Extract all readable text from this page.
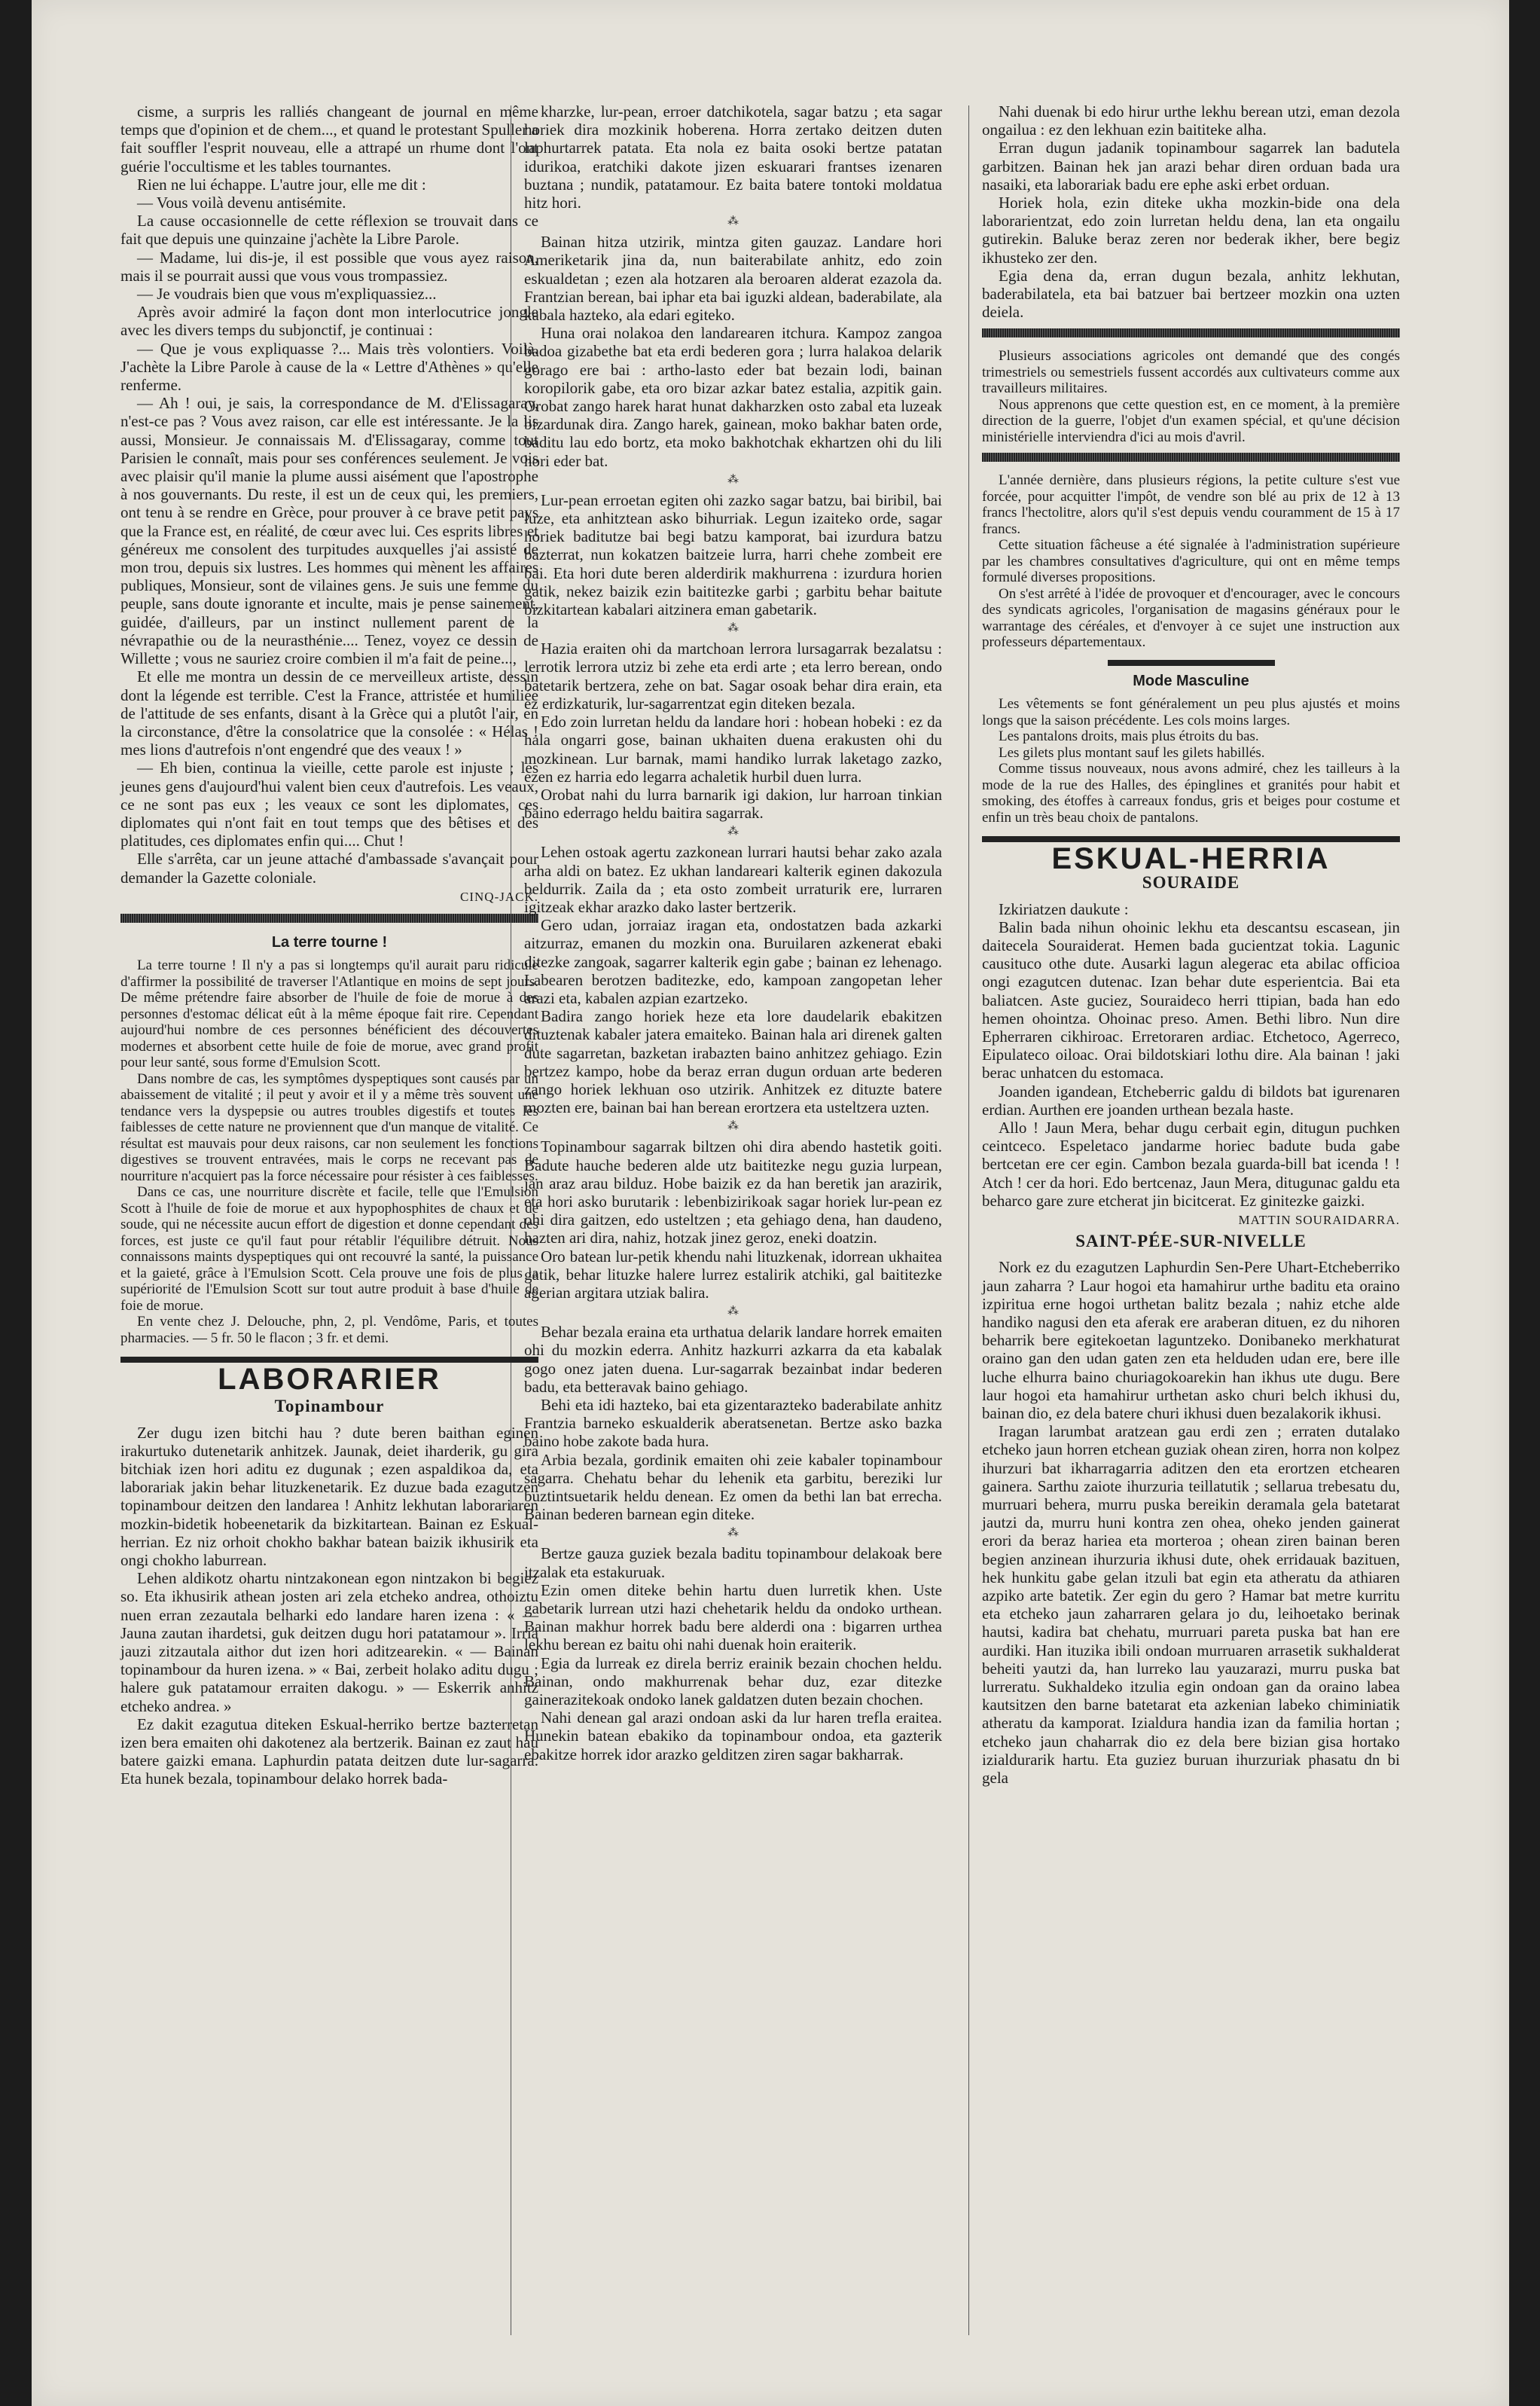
cisme, a surpris les ralliés changeant de journal en même temps que d'opinion et de chem..., et quand le protestant Spuller a fait souffler l'esprit nouveau, elle a attrapé un rhume dont l'ont guérie l'occultisme et les tables tournantes.

Rien ne lui échappe. L'autre jour, elle me dit :

— Vous voilà devenu antisémite.

La cause occasionnelle de cette réflexion se trouvait dans ce fait que depuis une quinzaine j'achète la Libre Parole.

— Madame, lui dis-je, il est possible que vous ayez raison, mais il se pourrait aussi que vous vous trompassiez.

— Je voudrais bien que vous m'expliquassiez...

Après avoir admiré la façon dont mon interlocutrice jongle avec les divers temps du subjonctif, je continuai :

— Que je vous expliquasse ?... Mais très volontiers. Voilà. J'achète la Libre Parole à cause de la « Lettre d'Athènes » qu'elle renferme.

— Ah ! oui, je sais, la correspondance de M. d'Elissagaray, n'est-ce pas ? Vous avez raison, car elle est intéressante. Je la lis aussi, Monsieur. Je connaissais M. d'Elissagaray, comme tout Parisien le connaît, mais pour ses conférences seulement. Je vois avec plaisir qu'il manie la plume aussi aisément que l'apostrophe à nos gouvernants. Du reste, il est un de ceux qui, les premiers, ont tenu à se rendre en Grèce, pour prouver à ce brave petit pays que la France est, en réalité, de cœur avec lui. Ces esprits libres et généreux me consolent des turpitudes auxquelles j'ai assisté de mon trou, depuis six lustres. Les hommes qui mènent les affaires publiques, Monsieur, sont de vilaines gens. Je suis une femme du peuple, sans doute ignorante et inculte, mais je pense sainement, guidée, d'ailleurs, par un instinct nullement parent de la névrapathie ou de la neurasthénie.... Tenez, voyez ce dessin de Willette ; vous ne sauriez croire combien il m'a fait de peine...,

Et elle me montra un dessin de ce merveilleux artiste, dessin dont la légende est terrible. C'est la France, attristée et humiliée de l'attitude de ses enfants, disant à la Grèce qui a plutôt l'air, en la circonstance, d'être la consolatrice que la consolée : « Hélas ! mes lions d'autrefois n'ont engendré que des veaux ! »

— Eh bien, continua la vieille, cette parole est injuste ; les jeunes gens d'aujourd'hui valent bien ceux d'autrefois. Les veaux, ce ne sont pas eux ; les veaux ce sont les diplomates, ces diplomates qui n'ont fait en tout temps que des bêtises et des platitudes, ces diplomates enfin qui.... Chut !

Elle s'arrêta, car un jeune attaché d'ambassade s'avançait pour demander la Gazette coloniale.

CINQ-JACK.
La terre tourne !

La terre tourne ! Il n'y a pas si longtemps qu'il aurait paru ridicule d'affirmer la possibilité de traverser l'Atlantique en moins de sept jours. De même prétendre faire absorber de l'huile de foie de morue à des personnes d'estomac délicat eût à la même époque fait rire. Cependant aujourd'hui nombre de ces personnes bénéficient des découvertes modernes et absorbent cette huile de foie de morue, avec grand profit pour leur santé, sous forme d'Emulsion Scott.

Dans nombre de cas, les symptômes dyspeptiques sont causés par un abaissement de vitalité ; il peut y avoir et il y a même très souvent une tendance vers la dyspepsie ou autres troubles digestifs et toutes les faiblesses de cette nature ne proviennent que d'un manque de vitalité. Ce résultat est mauvais pour deux raisons, car non seulement les fonctions digestives se trouvent entravées, mais le corps ne recevant pas de nourriture n'acquiert pas la force nécessaire pour résister à ces faiblesses.

Dans ce cas, une nourriture discrète et facile, telle que l'Emulsion Scott à l'huile de foie de morue et aux hypophosphites de chaux et de soude, qui ne nécessite aucun effort de digestion et donne cependant des forces, est juste ce qu'il faut pour rétablir l'équilibre détruit. Nous connaissons maints dyspeptiques qui ont recouvré la santé, la puissance et la gaieté, grâce à l'Emulsion Scott. Cela prouve une fois de plus la supériorité de l'Emulsion Scott sur tout autre produit à base d'huile de foie de morue.

En vente chez J. Delouche, phn, 2, pl. Vendôme, Paris, et toutes pharmacies. — 5 fr. 50 le flacon ; 3 fr. et demi.

LABORARIER
Topinambour

Zer dugu izen bitchi hau ? dute beren baithan eginen irakurtuko dutenetarik anhitzek. Jaunak, deiet iharderik, gu gira bitchiak izen hori aditu ez dugunak ; ezen aspaldikoa da, eta laborariak jakin behar lituzkenetarik. Ez duzue bada ezagutzen topinambour deitzen den landarea ! Anhitz lekhutan laborariaren mozkin-bidetik hobeenetarik da bizkitartean. Bainan ez Eskual-herrian. Ez niz orhoit chokho bakhar batean baizik ikhusirik eta ongi chokho laburrean.

Lehen aldikotz ohartu nintzakonean egon nintzakon bi begiez so. Eta ikhusirik athean josten ari zela etcheko andrea, othoiztu nuen erran zezautala belharki edo landare haren izena : « — Jauna zautan ihardetsi, guk deitzen dugu hori patatamour ». Irria jauzi zitzautala aithor dut izen hori aditzearekin. « — Bainan topinambour da huren izena. » « Bai, zerbeit holako aditu dugu ; halere guk patatamour erraiten dakogu. » — Eskerrik anhitz etcheko andrea. »

Ez dakit ezagutua diteken Eskual-herriko bertze bazterretan izen bera emaiten ohi dakotenez ala bertzerik. Bainan ez zaut hau batere gaizki emana. Laphurdin patata deitzen dute lur-sagarra. Eta hunek bezala, topinambour delako horrek bada-

kharzke, lur-pean, erroer datchikotela, sagar batzu ; eta sagar horiek dira mozkinik hoberena. Horra zertako deitzen duten laphurtarrek patata. Eta nola ez baita osoki bertze patatan idurikoa, eratchiki dakote jizen eskuarari frantses izenaren buztana ; nundik, patatamour. Ez baita batere tontoki moldatua hitz hori.

⁂

Bainan hitza utzirik, mintza giten gauzaz. Landare hori Ameriketarik jina da, nun baiterabilate anhitz, edo zoin eskualdetan ; ezen ala hotzaren ala beroaren alderat ezazola da. Frantzian berean, bai iphar eta bai iguzki aldean, baderabilate, ala kabala hazteko, ala edari egiteko.

Huna orai nolakoa den landarearen itchura. Kampoz zangoa badoa gizabethe bat eta erdi bederen gora ; lurra halakoa delarik gorago ere bai : artho-lasto eder bat bezain lodi, bainan koropilorik gabe, eta oro bizar azkar batez estalia, azpitik gain. Orobat zango harek harat hunat dakharzken osto zabal eta luzeak bizardunak dira. Zango harek, gainean, moko bakhar baten orde, baditu lau edo bortz, eta moko bakhotchak ekhartzen ohi du lili hori eder bat.

⁂

Lur-pean erroetan egiten ohi zazko sagar batzu, bai biribil, bai luze, eta anhitztean asko bihurriak. Legun izaiteko orde, sagar horiek baditutze bai begi batzu kamporat, bai izurdura batzu bazterrat, nun kokatzen baitzeie lurra, harri chehe zombeit ere bai. Eta hori dute beren alderdirik makhurrena : izurdura horien gatik, nekez baizik ezin baititezke garbi ; garbitu behar baitute bizkitartean kabalari aitzinera eman gabetarik.

⁂

Hazia eraiten ohi da martchoan lerrora lursagarrak bezalatsu : lerrotik lerrora utziz bi zehe eta erdi arte ; eta lerro berean, ondo batetarik bertzera, zehe on bat. Sagar osoak behar dira erain, eta ez erdizkaturik, lur-sagarrentzat egin diteken bezala.

Edo zoin lurretan heldu da landare hori : hobean hobeki : ez da hala ongarri gose, bainan ukhaiten duena erakusten ohi du mozkinean. Lur barnak, mami handiko lurrak laketago zazko, ezen ez harria edo legarra achaletik hurbil duen lurra.

Orobat nahi du lurra barnarik igi dakion, lur harroan tinkian baino ederrago heldu baitira sagarrak.

⁂

Lehen ostoak agertu zazkonean lurrari hautsi behar zako azala arha aldi on batez. Ez ukhan landareari kalterik eginen dakozula beldurrik. Zaila da ; eta osto zombeit urraturik ere, lurraren igitzeak ekhar arazko dako laster bertzerik.

Gero udan, jorraiaz iragan eta, ondostatzen bada azkarki aitzurraz, emanen du mozkin ona. Buruilaren azkenerat ebaki ditezke zangoak, sagarrer kalterik egin gabe ; bainan ez lehenago. Labearen berotzen baditezke, edo, kampoan zangopetan leher arazi eta, kabalen azpian ezartzeko.

Badira zango horiek heze eta lore daudelarik ebakitzen dituztenak kabaler jatera emaiteko. Bainan hala ari direnek galten dute sagarretan, bazketan irabazten baino anhitzez gehiago. Ezin bertzez kampo, hobe da beraz erran dugun orduan arte bederen zango horiek lekhuan oso utzirik. Anhitzek ez dituzte batere mozten ere, bainan bai han berean erortzera eta usteltzera uzten.

⁂

Topinambour sagarrak biltzen ohi dira abendo hastetik goiti. Badute hauche bederen alde utz baititezke negu guzia lurpean, jan araz arau bilduz. Hobe baizik ez da han beretik jan arazirik, eta hori asko burutarik : lebenbizirikoak sagar horiek lur-pean ez ohi dira gaitzen, edo usteltzen ; eta gehiago dena, han daudeno, hazten ari dira, nahiz, hotzak jinez geroz, eneki doatzin.

Oro batean lur-petik khendu nahi lituzkenak, idorrean ukhaitea gatik, behar lituzke halere lurrez estalirik atchiki, gal baititezke agerian argitara utziak balira.

⁂

Behar bezala eraina eta urthatua delarik landare horrek emaiten ohi du mozkin ederra. Anhitz hazkurri azkarra da eta kabalak gogo onez jaten duena. Lur-sagarrak bezainbat indar bederen badu, eta betteravak baino gehiago.

Behi eta idi hazteko, bai eta gizentarazteko baderabilate anhitz Frantzia barneko eskualderik aberatsenetan. Bertze asko bazka baino hobe zakote bada hura.

Arbia bezala, gordinik emaiten ohi zeie kabaler topinambour sagarra. Chehatu behar du lehenik eta garbitu, bereziki lur buztintsuetarik heldu denean. Ez omen da bethi lan bat errecha. Bainan bederen barnean egin diteke.

⁂

Bertze gauza guziek bezala baditu topinambour delakoak bere itzalak eta estakuruak.

Ezin omen diteke behin hartu duen lurretik khen. Uste gabetarik lurrean utzi hazi chehetarik heldu da ondoko urthean. Bainan makhur horrek badu bere alderdi ona : bigarren urthea lekhu berean ez baitu ohi nahi duenak hoin eraiterik.

Egia da lurreak ez direla berriz erainik bezain chochen heldu. Bainan, ondo makhurrenak behar duz, ezar ditezke gainerazitekoak ondoko lanek galdatzen duten bezain chochen.

Nahi denean gal arazi ondoan aski da lur haren trefla eraitea. Hunekin batean ebakiko da topinambour ondoa, eta gazterik ebakitze horrek idor arazko gelditzen ziren sagar bakharrak.

Nahi duenak bi edo hirur urthe lekhu berean utzi, eman dezola ongailua : ez den lekhuan ezin baititeke alha.

Erran dugun jadanik topinambour sagarrek lan badutela garbitzen. Bainan hek jan arazi behar diren orduan bada ura nasaiki, eta laborariak badu ere ephe aski erbet orduan.

Horiek hola, ezin diteke ukha mozkin-bide ona dela laborarientzat, edo zoin lurretan heldu dena, lan eta ongailu gutirekin. Baluke beraz zeren nor bederak ikher, bere begiz ikhusteko zer den.

Egia dena da, erran dugun bezala, anhitz lekhutan, baderabilatela, eta bai batzuer bai bertzeer mozkin ona uzten deiela.

Plusieurs associations agricoles ont demandé que des congés trimestriels ou semestriels fussent accordés aux cultivateurs comme aux travailleurs militaires.

Nous apprenons que cette question est, en ce moment, à la première direction de la guerre, l'objet d'un examen spécial, et qu'une décision ministérielle interviendra d'ici au mois d'avril.

L'année dernière, dans plusieurs régions, la petite culture s'est vue forcée, pour acquitter l'impôt, de vendre son blé au prix de 12 à 13 francs l'hectolitre, alors qu'il s'est depuis vendu couramment de 15 à 17 francs.

Cette situation fâcheuse a été signalée à l'administration supérieure par les chambres consultatives d'agriculture, qui ont en même temps formulé diverses propositions.

On s'est arrêté à l'idée de provoquer et d'encourager, avec le concours des syndicats agricoles, l'organisation de magasins généraux pour le warrantage des céréales, et d'envoyer à ce sujet une instruction aux professeurs départementaux.

Mode Masculine

Les vêtements se font généralement un peu plus ajustés et moins longs que la saison précédente. Les cols moins larges.

Les pantalons droits, mais plus étroits du bas.

Les gilets plus montant sauf les gilets habillés.

Comme tissus nouveaux, nous avons admiré, chez les tailleurs à la mode de la rue des Halles, des épinglines et granités pour habit et smoking, des étoffes à carreaux fondus, gris et beiges pour costume et enfin un très beau choix de pantalons.

ESKUAL-HERRIA
SOURAIDE

Izkiriatzen daukute :

Balin bada nihun ohoinic lekhu eta descantsu escasean, jin daitecela Souraiderat. Hemen bada gucientzat tokia. Lagunic causituco othe dute. Ausarki lagun alegerac eta abilac officioa ongi ezagutcen dutenac. Izan behar dute esperientcia. Bai eta baliatcen. Aste guciez, Souraideco herri ttipian, bada han edo hemen ohointza. Ohoinac preso. Amen. Bethi libro. Nun dire Epherraren cikhiroac. Erretoraren ardiac. Etchetoco, Agerreco, Eipulateco oiloac. Orai bildotskiari lothu dire. Ala bainan ! jaki berac unhatcen du estomaca.

Joanden igandean, Etcheberric galdu di bildots bat igurenaren erdian. Aurthen ere joanden urthean bezala haste.

Allo ! Jaun Mera, behar dugu cerbait egin, ditugun puchken ceintceco. Espeletaco jandarme horiec badute buda gabe bertcetan ere cer egin. Cambon bezala guarda-bill bat icenda ! ! Atch ! cer da hori. Edo bertcenaz, Jaun Mera, ditugunac galdu eta beharco gare zure etcherat jin bicitcerat. Ez ginitezke gaizki.

MATTIN SOURAIDARRA.
SAINT-PÉE-SUR-NIVELLE

Nork ez du ezagutzen Laphurdin Sen-Pere Uhart-Etcheberriko jaun zaharra ? Laur hogoi eta hamahirur urthe baditu eta oraino izpiritua erne hogoi urthetan balitz bezala ; nahiz etche alde handiko nagusi den eta aferak ere araberan dituen, ez du nihoren beharrik bere egitekoetan laguntzeko. Donibaneko merkhaturat oraino gan den udan gaten zen eta helduden udan ere, bere ille luche elhurra baino churiagokoarekin han ikhus ute dugu. Bere laur hogoi eta hamahirur urthetan asko churi belch ikhusi du, bainan dio, ez dela batere churi ikhusi duen bezalakorik ikhusi.

Iragan larumbat aratzean gau erdi zen ; erraten dutalako etcheko jaun horren etchean guziak ohean ziren, horra non kolpez ihurzuri bat ikharragarria aditzen den eta erortzen etchearen gainera. Sarthu zaiote ihurzuria teillatutik ; sellarua trebesatu du, murruari behera, murru puska bereikin deramala gela batetarat jautzi da, murru huni kontra zen ohea, oheko jenden gainerat erori da beraz hariea eta morteroa ; ohean ziren bainan beren begien anzinean ihurzuria ikhusi dute, ohek erridauak bazituen, hek hunkitu gabe gelan itzuli bat egin eta atheratu da athiaren azpiko arte batetik. Zer egin du gero ? Hamar bat metre kurritu eta etcheko jaun zaharraren gelara jo du, leihoetako berinak hautsi, kadira bat chehatu, murruari pareta puska bat han ere aurdiki. Han ituzika ibili ondoan murruaren arrasetik sukhalderat beheiti yautzi da, han lurreko lau yauzarazi, murru puska bat lurreratu. Sukhaldeko itzulia egin ondoan gan da oraino labea kautsitzen den barne batetarat eta azkenian labeko chiminiatik atheratu da kamporat. Izialdura handia izan da familia hortan ; etcheko jaun chaharrak dio ez dela bere bizian gisa hortako izialdurarik hartu. Eta guziez buruan ihurzuriak phasatu dn bi gela
